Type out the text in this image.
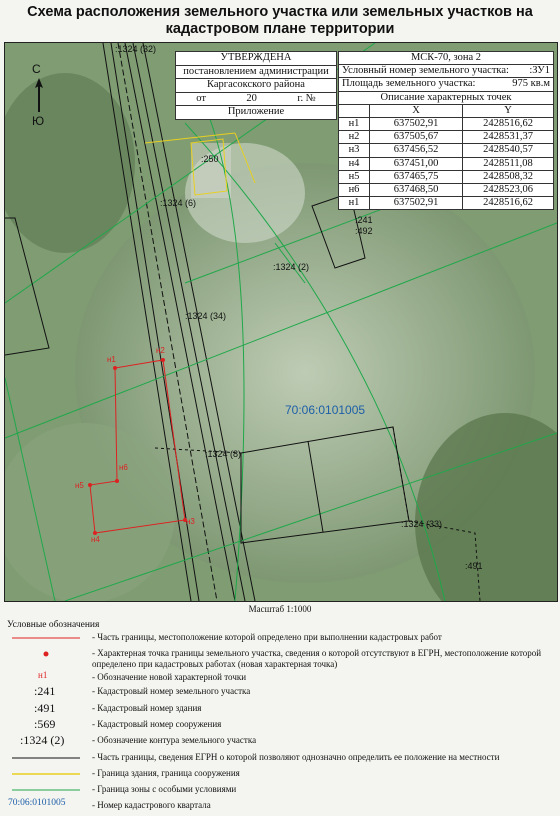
Схема расположения земельного участка или земельных участков на кадастровом плане территории
:1324 (32)
:250
:1324 (6)
:241
:492
:1324 (2)
:1324 (34)
70:06:0101005
:1324 (8)
:1324 (33)
:491
н1
н2
н3
н4
н5
н6
С
Ю
УТВЕРЖДЕНА
постановлением администрации
Каргасокского района
от	20	г. №
Приложение
МСК-70, зона 2
Условный номер земельного участка: :ЗУ1
Площадь земельного участка:	975 кв.м
Описание характерных точек
X	Y
н1	637502,91	2428516,62
н2	637505,67	2428531,37
н3	637456,52	2428540,57
н4	637451,00	2428511,08
н5	637465,75	2428508,32
н6	637468,50	2428523,06
н1	637502,91	2428516,62
Масштаб 1:1000
Условные обозначения
- Часть границы, местоположение которой определено при выполнении кадастровых работ
- Характерная точка границы земельного участка, сведения о которой отсутствуют в ЕГРН, местоположение которой определено при кадастровых работах (новая характерная точка)
н1	- Обозначение новой характерной точки
:241	- Кадастровый номер земельного участка
:491	- Кадастровый номер здания
:569	- Кадастровый номер сооружения
:1324 (2)	- Обозначение контура земельного участка
- Часть границы, сведения ЕГРН о которой позволяют однозначно определить ее положение на местности
- Граница здания, граница сооружения
- Граница зоны с особыми условиями
70:06:0101005	- Номер кадастрового квартала
